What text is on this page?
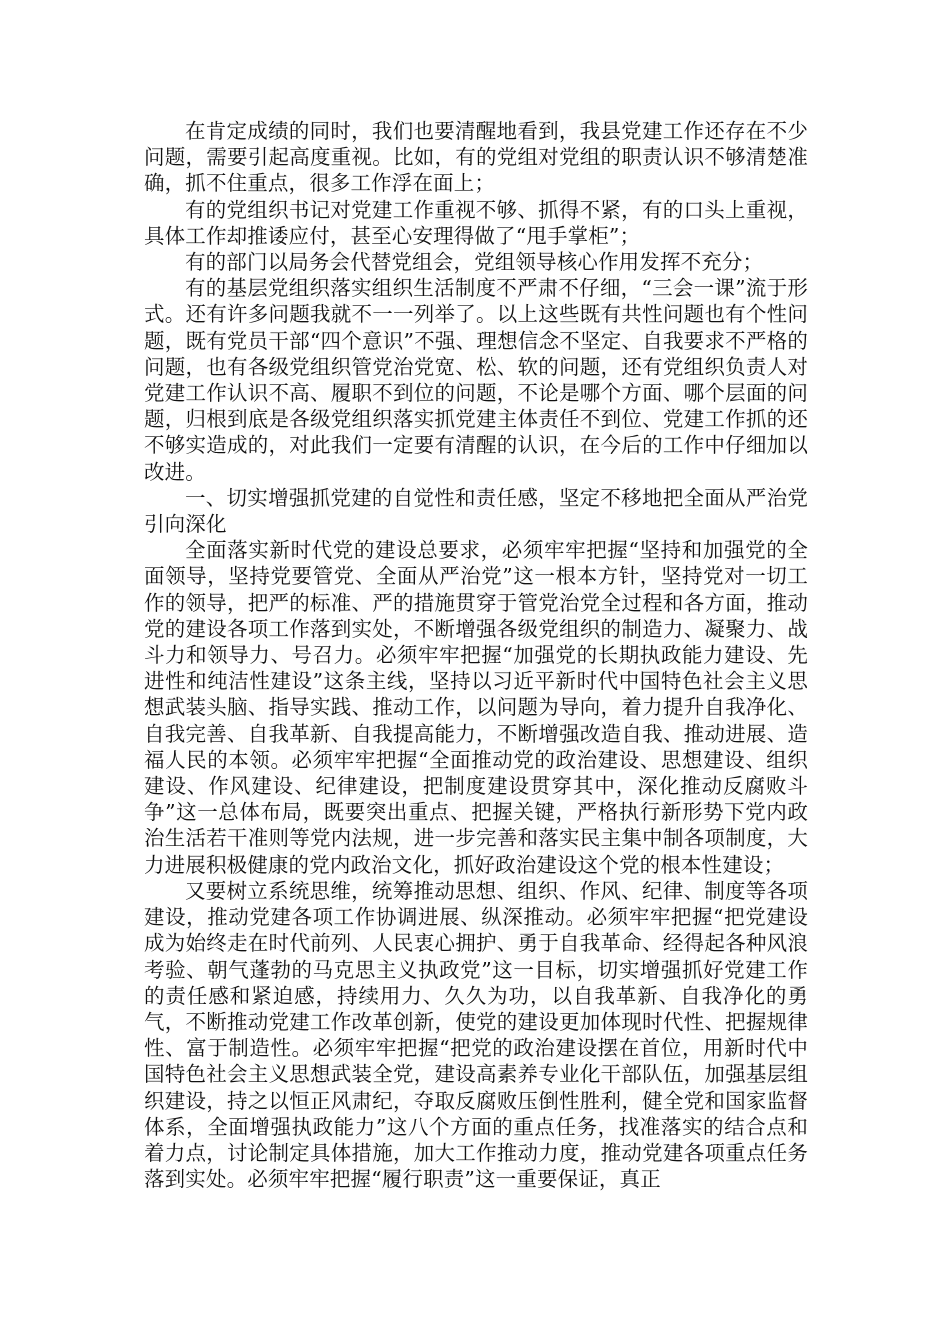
在肯定成绩的同时，我们也要清醒地看到，我县党建工作还存在不少问题，需要引起高度重视。比如，有的党组对党组的职责认识不够清楚准确，抓不住重点，很多工作浮在面上；

有的党组织书记对党建工作重视不够、抓得不紧，有的口头上重视，具体工作却推诿应付，甚至心安理得做了“甩手掌柜”；

有的部门以局务会代替党组会，党组领导核心作用发挥不充分；

有的基层党组织落实组织生活制度不严肃不仔细，“三会一课”流于形式。还有许多问题我就不一一列举了。以上这些既有共性问题也有个性问题，既有党员干部“四个意识”不强、理想信念不坚定、自我要求不严格的问题，也有各级党组织管党治党宽、松、软的问题，还有党组织负责人对党建工作认识不高、履职不到位的问题，不论是哪个方面、哪个层面的问题，归根到底是各级党组织落实抓党建主体责任不到位、党建工作抓的还不够实造成的，对此我们一定要有清醒的认识，在今后的工作中仔细加以改进。

一、切实增强抓党建的自觉性和责任感，坚定不移地把全面从严治党引向深化

全面落实新时代党的建设总要求，必须牢牢把握“坚持和加强党的全面领导，坚持党要管党、全面从严治党”这一根本方针，坚持党对一切工作的领导，把严的标准、严的措施贯穿于管党治党全过程和各方面，推动党的建设各项工作落到实处，不断增强各级党组织的制造力、凝聚力、战斗力和领导力、号召力。必须牢牢把握“加强党的长期执政能力建设、先进性和纯洁性建设”这条主线，坚持以习近平新时代中国特色社会主义思想武装头脑、指导实践、推动工作，以问题为导向，着力提升自我净化、自我完善、自我革新、自我提高能力，不断增强改造自我、推动进展、造福人民的本领。必须牢牢把握“全面推动党的政治建设、思想建设、组织建设、作风建设、纪律建设，把制度建设贯穿其中，深化推动反腐败斗争”这一总体布局，既要突出重点、把握关键，严格执行新形势下党内政治生活若干准则等党内法规，进一步完善和落实民主集中制各项制度，大力进展积极健康的党内政治文化，抓好政治建设这个党的根本性建设；

又要树立系统思维，统筹推动思想、组织、作风、纪律、制度等各项建设，推动党建各项工作协调进展、纵深推动。必须牢牢把握“把党建设成为始终走在时代前列、人民衷心拥护、勇于自我革命、经得起各种风浪考验、朝气蓬勃的马克思主义执政党”这一目标，切实增强抓好党建工作的责任感和紧迫感，持续用力、久久为功，以自我革新、自我净化的勇气，不断推动党建工作改革创新，使党的建设更加体现时代性、把握规律性、富于制造性。必须牢牢把握“把党的政治建设摆在首位，用新时代中国特色社会主义思想武装全党，建设高素养专业化干部队伍，加强基层组织建设，持之以恒正风肃纪，夺取反腐败压倒性胜利，健全党和国家监督体系，全面增强执政能力”这八个方面的重点任务，找准落实的结合点和着力点，讨论制定具体措施，加大工作推动力度，推动党建各项重点任务落到实处。必须牢牢把握“履行职责”这一重要保证，真正
